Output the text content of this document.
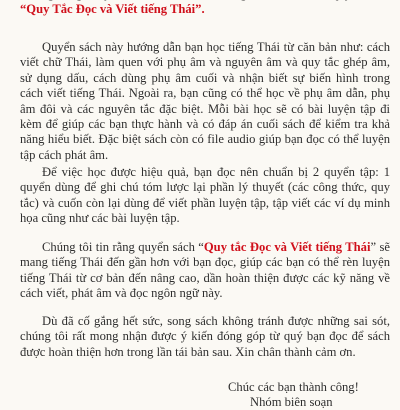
“Quy Tắc Đọc và Viết tiếng Thái”.

Quyển sách này hướng dẫn bạn học tiếng Thái từ căn bản như: cách viết chữ Thái, làm quen với phụ âm và nguyên âm và quy tắc ghép âm, sử dụng dấu, cách dùng phụ âm cuối và nhận biết sự biến hình trong cách viết tiếng Thái. Ngoài ra, bạn cũng có thể học về phụ âm dẫn, phụ âm đôi và các nguyên tắc đặc biệt. Mỗi bài học sẽ có bài luyện tập đi kèm để giúp các bạn thực hành và có đáp án cuối sách để kiểm tra khả năng hiểu biết. Đặc biệt sách còn có file audio giúp bạn đọc có thể luyện tập cách phát âm.

Để việc học được hiệu quả, bạn đọc nên chuẩn bị 2 quyển tập: 1 quyển dùng để ghi chú tóm lược lại phần lý thuyết (các công thức, quy tắc) và cuốn còn lại dùng để viết phần luyện tập, tập viết các ví dụ minh họa cũng như các bài luyện tập.

Chúng tôi tin rằng quyển sách “Quy tắc Đọc và Viết tiếng Thái” sẽ mang tiếng Thái đến gần hơn với bạn đọc, giúp các bạn có thể rèn luyện tiếng Thái từ cơ bản đến nâng cao, dần hoàn thiện được các kỹ năng về cách viết, phát âm và đọc ngôn ngữ này.

Dù đã cố gắng hết sức, song sách không tránh được những sai sót, chúng tôi rất mong nhận được ý kiến đóng góp từ quý bạn đọc để sách được hoàn thiện hơn trong lần tái bản sau. Xin chân thành cảm ơn.

Chúc các bạn thành công!
Nhóm biên soạn
